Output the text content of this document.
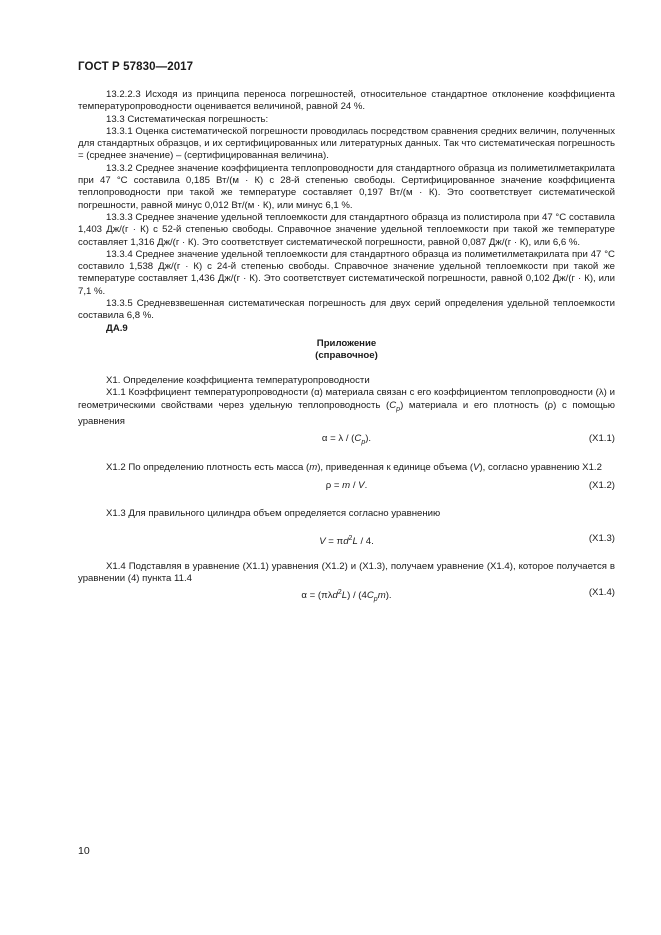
ГОСТ Р 57830—2017

13.2.2.3 Исходя из принципа переноса погрешностей, относительное стандартное отклонение коэффициента температуропроводности оценивается величиной, равной 24 %.

13.3 Систематическая погрешность:

13.3.1 Оценка систематической погрешности проводилась посредством сравнения средних величин, полученных для стандартных образцов, и их сертифицированных или литературных данных. Так что систематическая погрешность = (среднее значение) – (сертифицированная величина).

13.3.2 Среднее значение коэффициента теплопроводности для стандартного образца из полиметилметакрилата при 47 °С составила 0,185 Вт/(м · К) с 28-й степенью свободы. Сертифицированное значение коэффициента теплопроводности при такой же температуре составляет 0,197 Вт/(м · К). Это соответствует систематической погрешности, равной минус 0,012 Вт/(м · К), или минус 6,1 %.

13.3.3 Среднее значение удельной теплоемкости для стандартного образца из полистирола при 47 °С составила 1,403 Дж/(г · К) с 52-й степенью свободы. Справочное значение удельной теплоемкости при такой же температуре составляет 1,316 Дж/(г · К). Это соответствует систематической погрешности, равной 0,087 Дж/(г · К), или 6,6 %.

13.3.4 Среднее значение удельной теплоемкости для стандартного образца из полиметилметакрилата при 47 °С составило 1,538 Дж/(г · К) с 24-й степенью свободы. Справочное значение удельной теплоемкости при такой же температуре составляет 1,436 Дж/(г · К). Это соответствует систематической погрешности, равной 0,102 Дж/(г · К), или 7,1 %.

13.3.5 Средневзвешенная систематическая погрешность для двух серий определения удельной теплоемкости составила 6,8 %.

ДА.9

Приложение
(справочное)

Х1. Определение коэффициента температуропроводности

Х1.1 Коэффициент температуропроводности (α) материала связан с его коэффициентом теплопроводности (λ) и геометрическими свойствами через удельную теплопроводность $(C_p)$ материала и его плотность (ρ) с помощью уравнения

$\alpha = \lambda / (C_p)$.	(Х1.1)

Х1.2 По определению плотность есть масса (m), приведенная к единице объема (V), согласно уравнению Х1.2

ρ = m / V.	(Х1.2)

Х1.3 Для правильного цилиндра объем определяется согласно уравнению

$V = \pi d^2L / 4$.	(Х1.3)

Х1.4 Подставляя в уравнение (Х1.1) уравнения (Х1.2) и (Х1.3), получаем уравнение (Х1.4), которое получается в уравнении (4) пункта 11.4

$\alpha = (\pi\lambda d^2L) / (4C_pm)$.	(Х1.4)
10
